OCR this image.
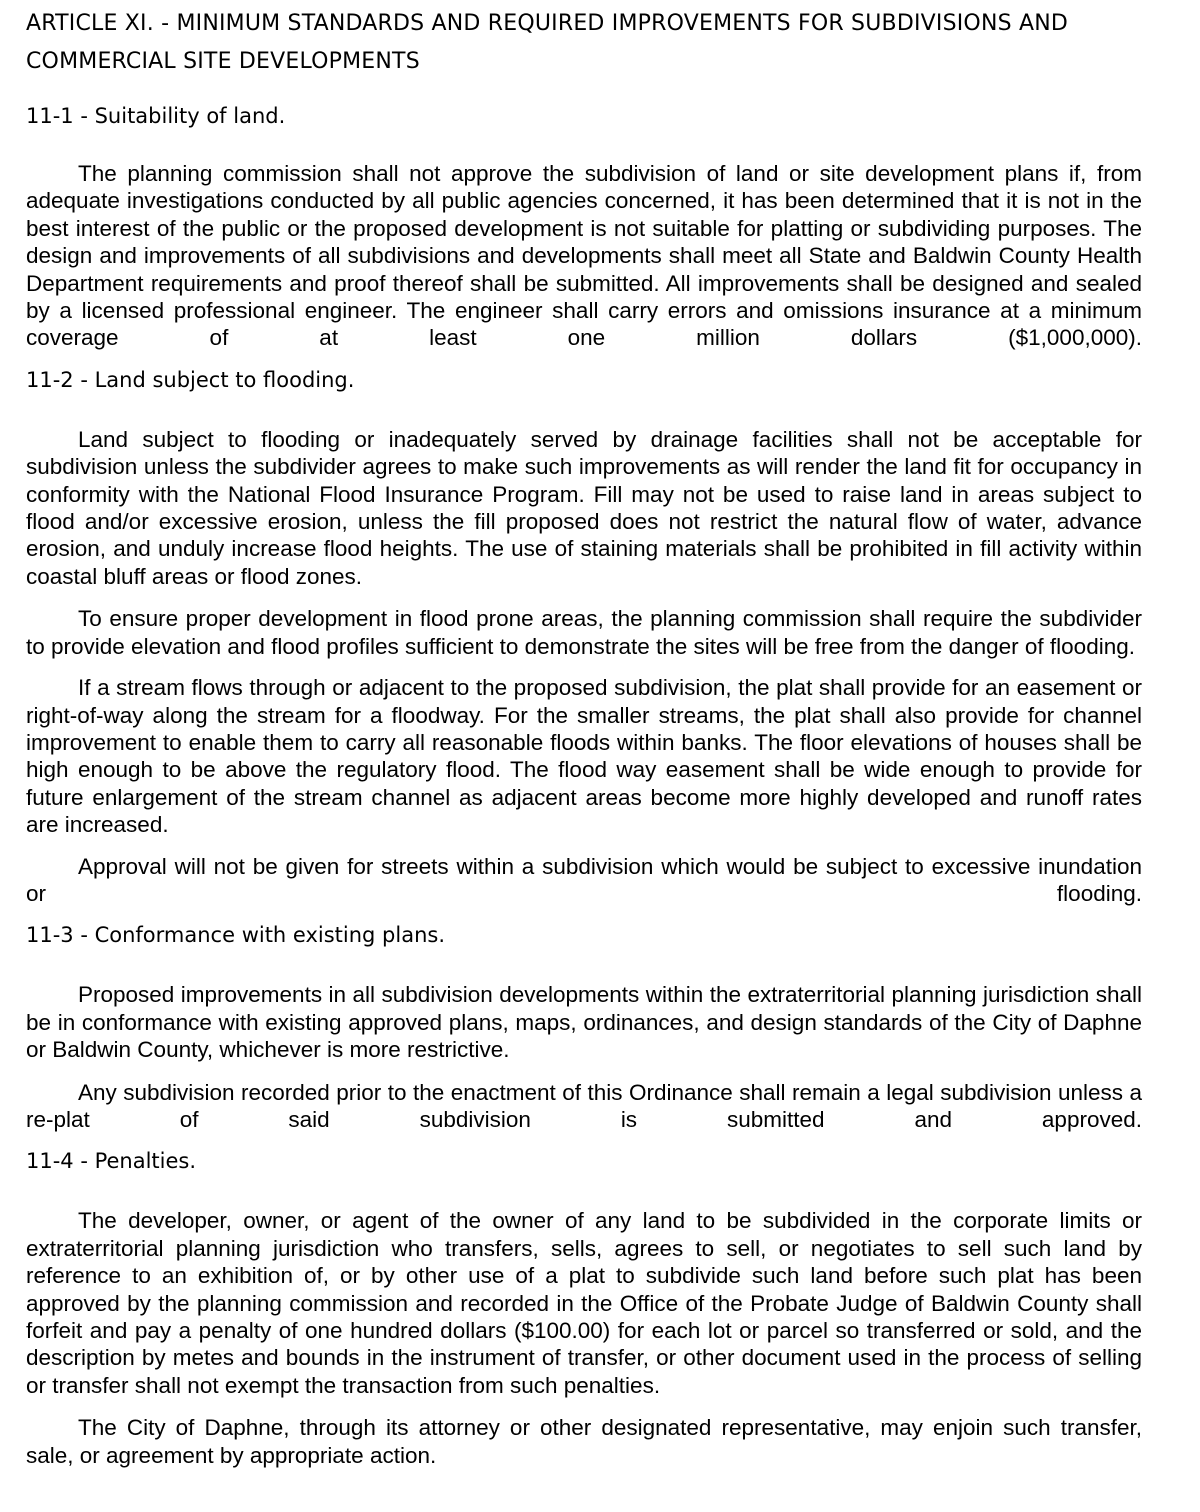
ARTICLE XI. - MINIMUM STANDARDS AND REQUIRED IMPROVEMENTS FOR SUBDIVISIONS AND
COMMERCIAL SITE DEVELOPMENTS
11-1 - Suitability of land.

The planning commission shall not approve the subdivision of land or site development plans if, from adequate investigations conducted by all public agencies concerned, it has been determined that it is not in the best interest of the public or the proposed development is not suitable for platting or subdividing purposes. The design and improvements of all subdivisions and developments shall meet all State and Baldwin County Health Department requirements and proof thereof shall be submitted. All improvements shall be designed and sealed by a licensed professional engineer. The engineer shall carry errors and omissions insurance at a minimum coverage of at least one million dollars ($1,000,000).

11-2 - Land subject to flooding.

Land subject to flooding or inadequately served by drainage facilities shall not be acceptable for subdivision unless the subdivider agrees to make such improvements as will render the land fit for occupancy in conformity with the National Flood Insurance Program. Fill may not be used to raise land in areas subject to flood and/or excessive erosion, unless the fill proposed does not restrict the natural flow of water, advance erosion, and unduly increase flood heights. The use of staining materials shall be prohibited in fill activity within coastal bluff areas or flood zones.

To ensure proper development in flood prone areas, the planning commission shall require the subdivider to provide elevation and flood profiles sufficient to demonstrate the sites will be free from the danger of flooding.

If a stream flows through or adjacent to the proposed subdivision, the plat shall provide for an easement or right-of-way along the stream for a floodway. For the smaller streams, the plat shall also provide for channel improvement to enable them to carry all reasonable floods within banks. The floor elevations of houses shall be high enough to be above the regulatory flood. The flood way easement shall be wide enough to provide for future enlargement of the stream channel as adjacent areas become more highly developed and runoff rates are increased.

Approval will not be given for streets within a subdivision which would be subject to excessive inundation or flooding.

11-3 - Conformance with existing plans.

Proposed improvements in all subdivision developments within the extraterritorial planning jurisdiction shall be in conformance with existing approved plans, maps, ordinances, and design standards of the City of Daphne or Baldwin County, whichever is more restrictive.

Any subdivision recorded prior to the enactment of this Ordinance shall remain a legal subdivision unless a re-plat of said subdivision is submitted and approved.

11-4 - Penalties.

The developer, owner, or agent of the owner of any land to be subdivided in the corporate limits or extraterritorial planning jurisdiction who transfers, sells, agrees to sell, or negotiates to sell such land by reference to an exhibition of, or by other use of a plat to subdivide such land before such plat has been approved by the planning commission and recorded in the Office of the Probate Judge of Baldwin County shall forfeit and pay a penalty of one hundred dollars ($100.00) for each lot or parcel so transferred or sold, and the description by metes and bounds in the instrument of transfer, or other document used in the process of selling or transfer shall not exempt the transaction from such penalties.

The City of Daphne, through its attorney or other designated representative, may enjoin such transfer, sale, or agreement by appropriate action.
